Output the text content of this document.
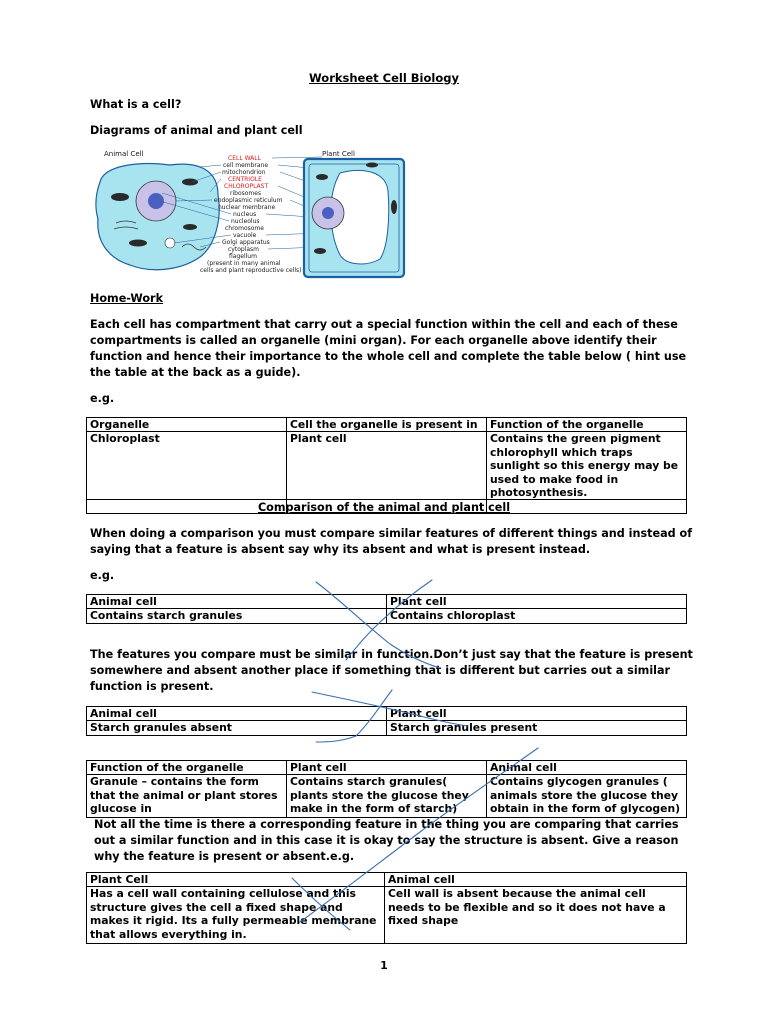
Worksheet Cell Biology
What is a cell?
Diagrams of animal and plant cell
Animal Cell
CELL WALL
cell membrane
mitochondrion
CENTRIOLE
CHLOROPLAST
ribosomes
endoplasmic reticulum
nuclear membrane
nucleus
nucleolus
chromosome
vacuole
Golgi apparatus
cytoplasm
flagellum
(present in many animal
cells and plant reproductive cells)
Plant Cell
Home-Work
Each cell has compartment that carry out a special function within the cell and each of these compartments is called an organelle (mini organ). For each organelle above identify their function and hence their importance to the whole cell and complete the table below ( hint use the table at the back as a guide).
e.g.
Organelle	Cell the organelle is present in	Function of the organelle
Chloroplast	Plant cell	Contains the green pigment chlorophyll which traps sunlight so this energy may be used to make food in photosynthesis.

Comparison of the animal and plant cell
When doing a comparison you must compare similar features of different things and instead of saying that a feature is absent say why its absent and what is present instead.
e.g.
Animal cell	Plant cell
Contains starch granules	Contains chloroplast
The features you compare must be similar in function.Don’t just say that the feature is present somewhere and absent another place if something that is different but carries out a similar function is present.
Animal cell	Plant cell
Starch granules absent	Starch granules present
Function of the organelle	Plant cell	Animal cell
Granule – contains the form that the animal or plant stores glucose in	Contains starch granules( plants store the glucose they make in the form of starch)	Contains glycogen granules ( animals store the glucose they obtain in the form of glycogen)
Not all the time is there a corresponding feature in the thing you are comparing that carries out a similar function and in this case it is okay to say the structure is absent. Give a reason why the feature is present or absent.e.g.
Plant Cell	Animal cell
Has a cell wall containing cellulose and this structure gives the cell a fixed shape and makes it rigid. Its a fully permeable membrane that allows everything in.	Cell wall is absent because the animal cell needs to be flexible and so it does not have a fixed shape
1
